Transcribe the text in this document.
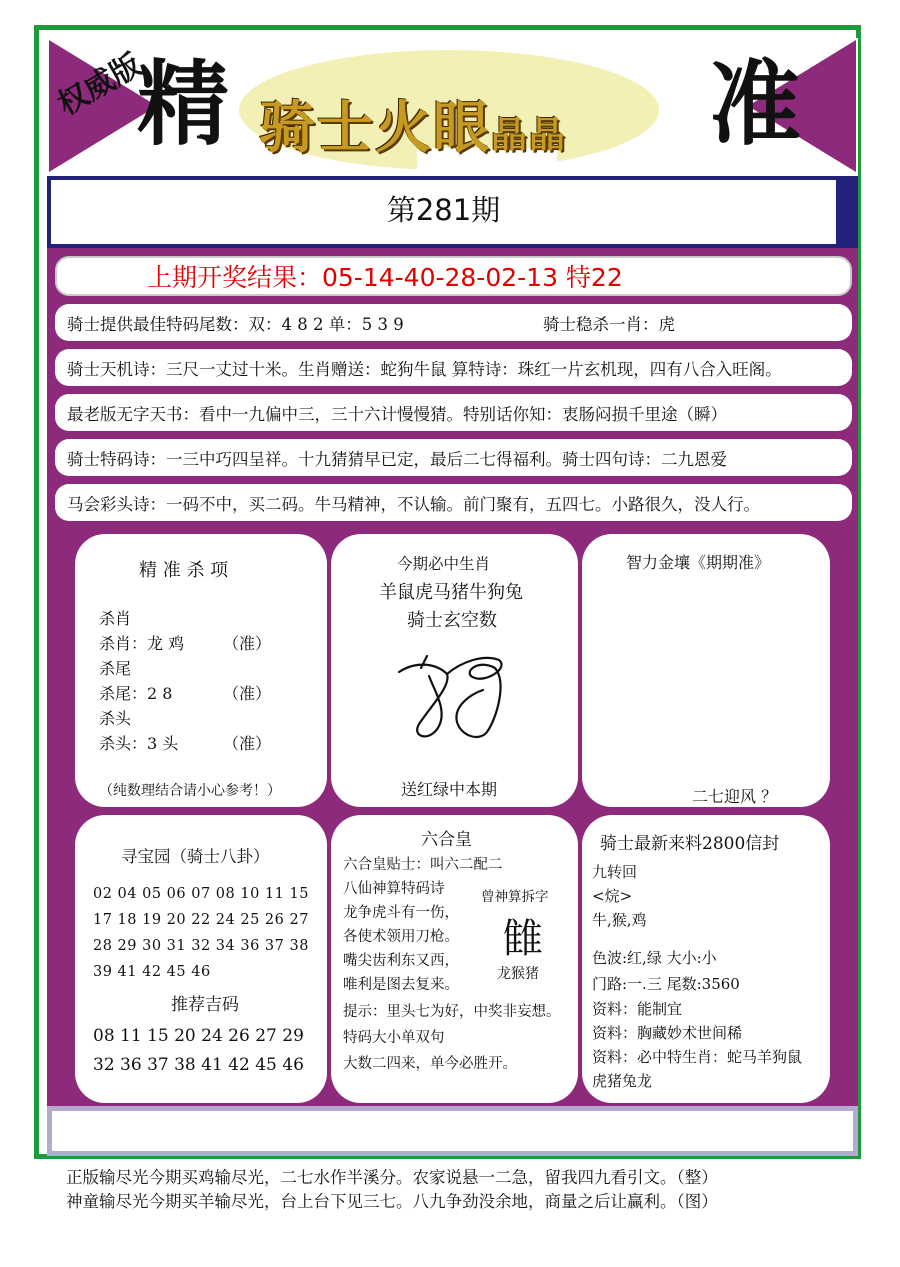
权威版
精	准
骑士火眼晶晶
第281期
上期开奖结果：05-14-40-28-02-13 特22
骑士提供最佳特码尾数：双：4 8 2 单：5 3 9	骑士稳杀一肖：虎
骑士天机诗：三尺一丈过十米。生肖赠送：蛇狗牛鼠 算特诗：珠红一片玄机现，四有八合入旺阁。
最老版无字天书：看中一九偏中三，三十六计慢慢猜。特别话你知：衷肠闷损千里途（瞬）
骑士特码诗：一三中巧四呈祥。十九猜猜早已定，最后二七得福利。骑士四句诗：二九恩爱
马会彩头诗：一码不中，买二码。牛马精神，不认输。前门聚有，五四七。小路很久，没人行。
精 准 杀 项
杀肖
杀肖：龙 鸡 （准）
杀尾
杀尾：2 8	（准）
杀头
杀头：3 头	（准）
（纯数理结合请小心参考！）
今期必中生肖
羊鼠虎马猪牛狗兔
骑士玄空数
送红绿中本期
智力金壤《期期准》
二七迎风 ？
寻宝园（骑士八卦）
02 04 05 06 07 08 10 11 15
17 18 19 20 22 24 25 26 27
28 29 30 31 32 34 36 37 38
39 41 42 45 46
推荐吉码
08 11 15 20 24 26 27 29
32 36 37 38 41 42 45 46
六合皇
六合皇贴士：叫六二配二
八仙神算特码诗
龙争虎斗有一伤，
各使术领用刀枪。
嘴尖齿利东又西，
唯利是图去复来。
提示：里头七为好，中奖非妄想。
特码大小单双句
大数二四来，单今必胜开。
曾神算拆字
雔
龙猴猪
骑士最新来料2800信封
九转回
<烷>
牛,猴,鸡
色波:红,绿 大小:小
门路:一.三 尾数:3560
资料：能制宜
资料：胸藏妙术世间稀
资料：必中特生肖：蛇马羊狗鼠
虎猪兔龙
正版输尽光今期买鸡输尽光，二七水作半溪分。农家说悬一二急，留我四九看引文。（整）
神童输尽光今期买羊输尽光，台上台下见三七。八九争劲没余地，商量之后让赢利。（图）
